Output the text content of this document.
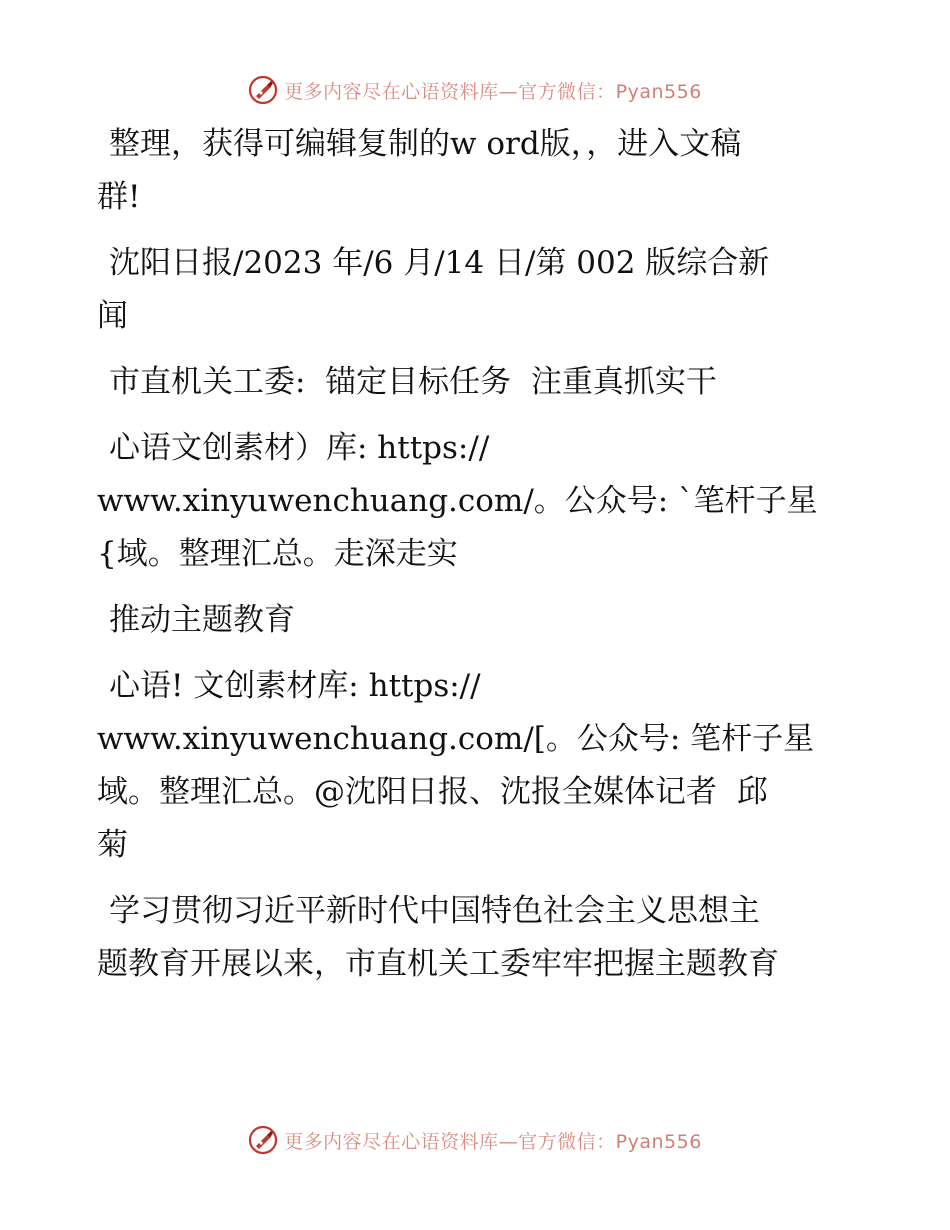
更多内容尽在心语资料库—官方微信：Pyan556

整理，获得可编辑复制的w ord版，，进入文稿
群!

沈阳日报/2023 年/6 月/14 日/第 002 版综合新
闻

市直机关工委:  锚定目标任务  注重真抓实干

心语文创素材）库: https://
www.xinyuwenchuang.com/。公众号: `笔杆子星
{域。整理汇总。走深走实

推动主题教育

心语! 文创素材库: https://
www.xinyuwenchuang.com/[。公众号: 笔杆子星
域。整理汇总。@沈阳日报、沈报全媒体记者  邱
菊

学习贯彻习近平新时代中国特色社会主义思想主
题教育开展以来，市直机关工委牢牢把握主题教育

更多内容尽在心语资料库—官方微信：Pyan556
